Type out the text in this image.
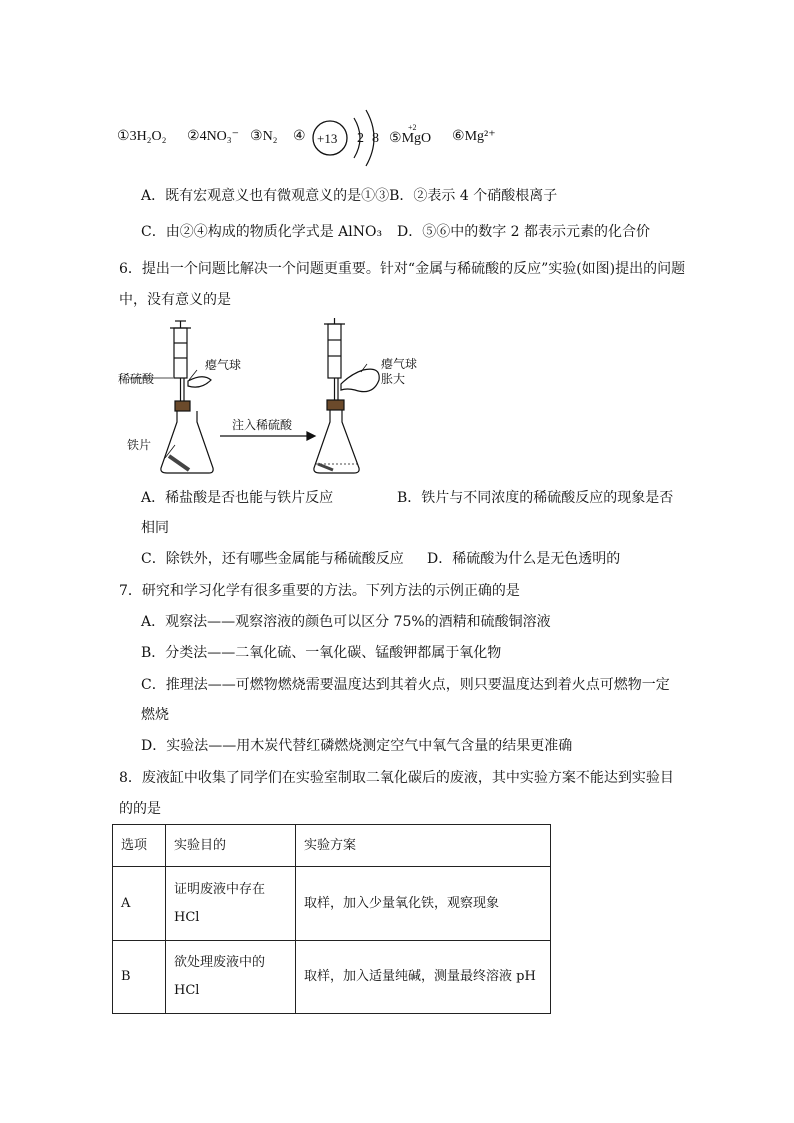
①3H₂O₂ ②4NO₃⁻ ③N₂ ④ +13 2 8 ⑤MgO
+2
⑥Mg²⁺
A．既有宏观意义也有微观意义的是①③B．②表示 4 个硝酸根离子
C．由②④构成的物质化学式是 AlNO₃ D．⑤⑥中的数字 2 都表示元素的化合价
6．提出一个问题比解决一个问题更重要。针对“金属与稀硫酸的反应”实验(如图)提出的问题
中，没有意义的是
稀硫酸
瘪气球
铁片
注入稀硫酸
瘪气球
胀大
A．稀盐酸是否也能与铁片反应	B．铁片与不同浓度的稀硫酸反应的现象是否
相同
C．除铁外，还有哪些金属能与稀硫酸反应 D．稀硫酸为什么是无色透明的
7．研究和学习化学有很多重要的方法。下列方法的示例正确的是
A．观察法——观察溶液的颜色可以区分 75%的酒精和硫酸铜溶液
B．分类法——二氧化硫、一氧化碳、锰酸钾都属于氧化物
C．推理法——可燃物燃烧需要温度达到其着火点，则只要温度达到着火点可燃物一定
燃烧
D．实验法——用木炭代替红磷燃烧测定空气中氧气含量的结果更准确
8．废液缸中收集了同学们在实验室制取二氧化碳后的废液，其中实验方案不能达到实验目
的的是
选项	实验目的	实验方案
A	证明废液中存在
HCl	取样，加入少量氧化铁，观察现象
B	欲处理废液中的
HCl	取样，加入适量纯碱，测量最终溶液 pH
